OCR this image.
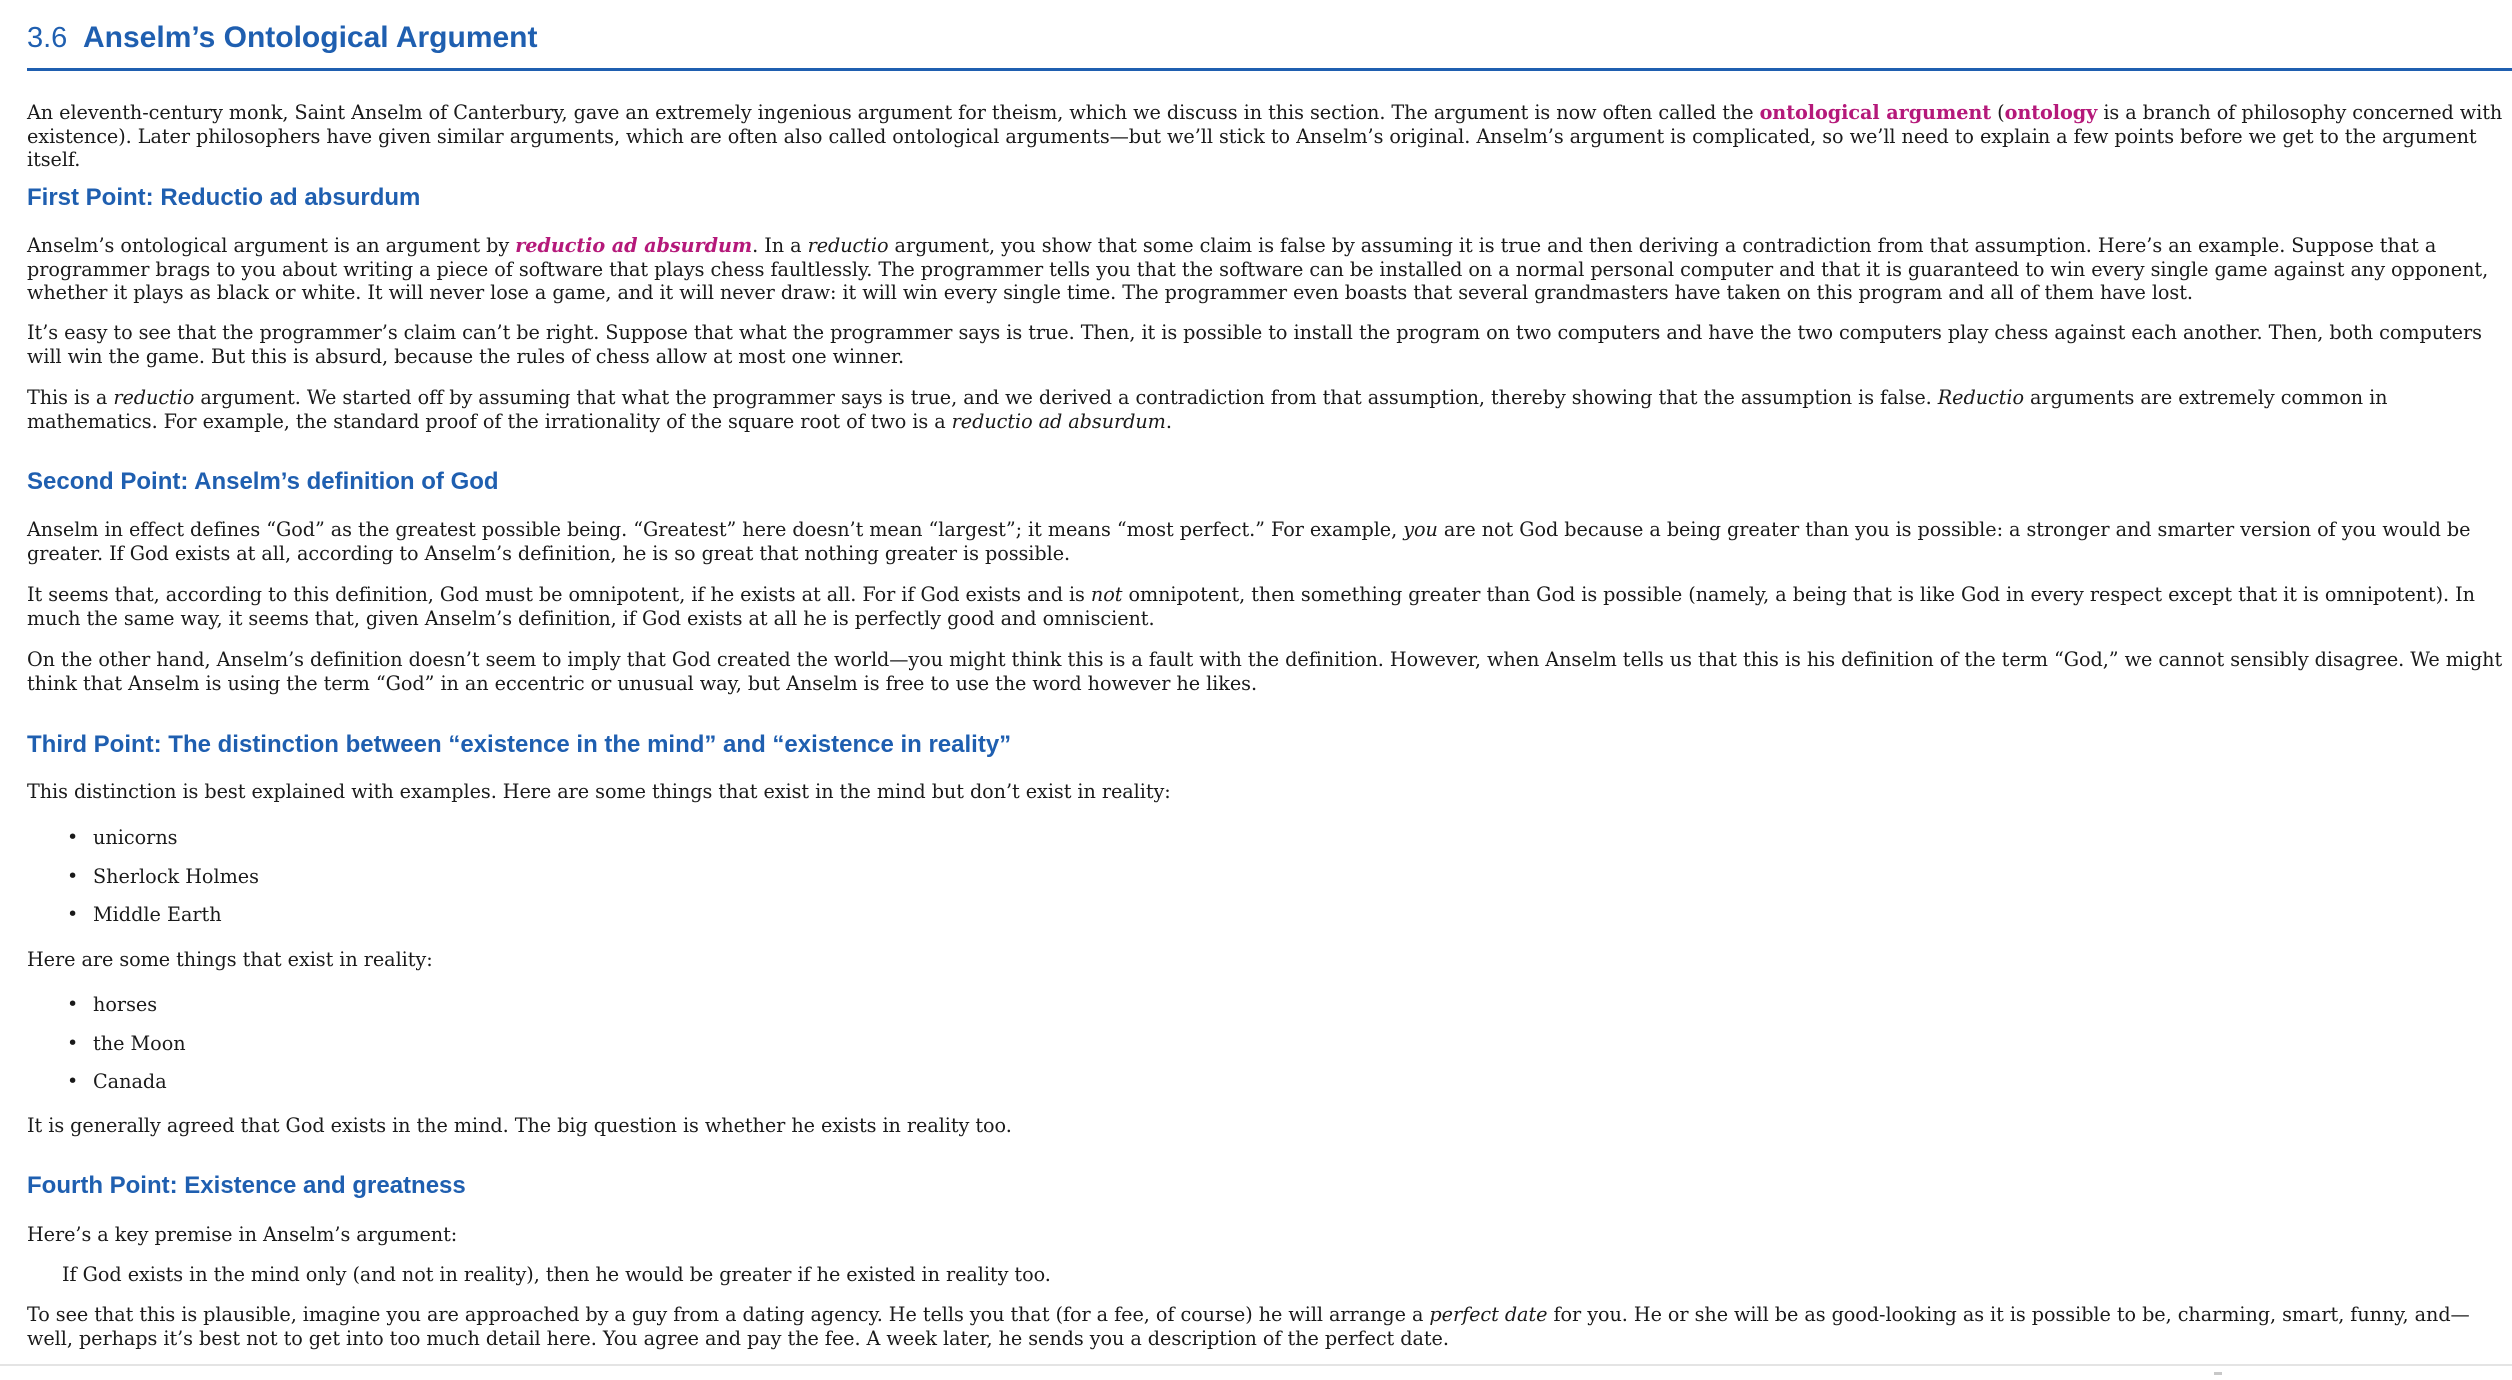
3.6 Anselm’s Ontological Argument

An eleventh-century monk, Saint Anselm of Canterbury, gave an extremely ingenious argument for theism, which we discuss in this section. The argument is now often called the ontological argument (ontology is a branch of philosophy concerned with existence). Later philosophers have given similar arguments, which are often also called ontological arguments—but we’ll stick to Anselm’s original. Anselm’s argument is complicated, so we’ll need to explain a few points before we get to the argument itself.

First Point: Reductio ad absurdum

Anselm’s ontological argument is an argument by reductio ad absurdum. In a reductio argument, you show that some claim is false by assuming it is true and then deriving a contradiction from that assumption. Here’s an example. Suppose that a programmer brags to you about writing a piece of software that plays chess faultlessly. The programmer tells you that the software can be installed on a normal personal computer and that it is guaranteed to win every single game against any opponent, whether it plays as black or white. It will never lose a game, and it will never draw: it will win every single time. The programmer even boasts that several grandmasters have taken on this program and all of them have lost.

It’s easy to see that the programmer’s claim can’t be right. Suppose that what the programmer says is true. Then, it is possible to install the program on two computers and have the two computers play chess against each another. Then, both computers will win the game. But this is absurd, because the rules of chess allow at most one winner.

This is a reductio argument. We started off by assuming that what the programmer says is true, and we derived a contradiction from that assumption, thereby showing that the assumption is false. Reductio arguments are extremely common in mathematics. For example, the standard proof of the irrationality of the square root of two is a reductio ad absurdum.

Second Point: Anselm’s definition of God

Anselm in effect defines “God” as the greatest possible being. “Greatest” here doesn’t mean “largest”; it means “most perfect.” For example, you are not God because a being greater than you is possible: a stronger and smarter version of you would be greater. If God exists at all, according to Anselm’s definition, he is so great that nothing greater is possible.

It seems that, according to this definition, God must be omnipotent, if he exists at all. For if God exists and is not omnipotent, then something greater than God is possible (namely, a being that is like God in every respect except that it is omnipotent). In much the same way, it seems that, given Anselm’s definition, if God exists at all he is perfectly good and omniscient.

On the other hand, Anselm’s definition doesn’t seem to imply that God created the world—you might think this is a fault with the definition. However, when Anselm tells us that this is his definition of the term “God,” we cannot sensibly disagree. We might think that Anselm is using the term “God” in an eccentric or unusual way, but Anselm is free to use the word however he likes.

Third Point: The distinction between “existence in the mind” and “existence in reality”

This distinction is best explained with examples. Here are some things that exist in the mind but don’t exist in reality:

• unicorns
• Sherlock Holmes
• Middle Earth

Here are some things that exist in reality:

• horses
• the Moon
• Canada

It is generally agreed that God exists in the mind. The big question is whether he exists in reality too.

Fourth Point: Existence and greatness

Here’s a key premise in Anselm’s argument:

If God exists in the mind only (and not in reality), then he would be greater if he existed in reality too.

To see that this is plausible, imagine you are approached by a guy from a dating agency. He tells you that (for a fee, of course) he will arrange a perfect date for you. He or she will be as good-looking as it is possible to be, charming, smart, funny, and—well, perhaps it’s best not to get into too much detail here. You agree and pay the fee. A week later, he sends you a description of the perfect date.
